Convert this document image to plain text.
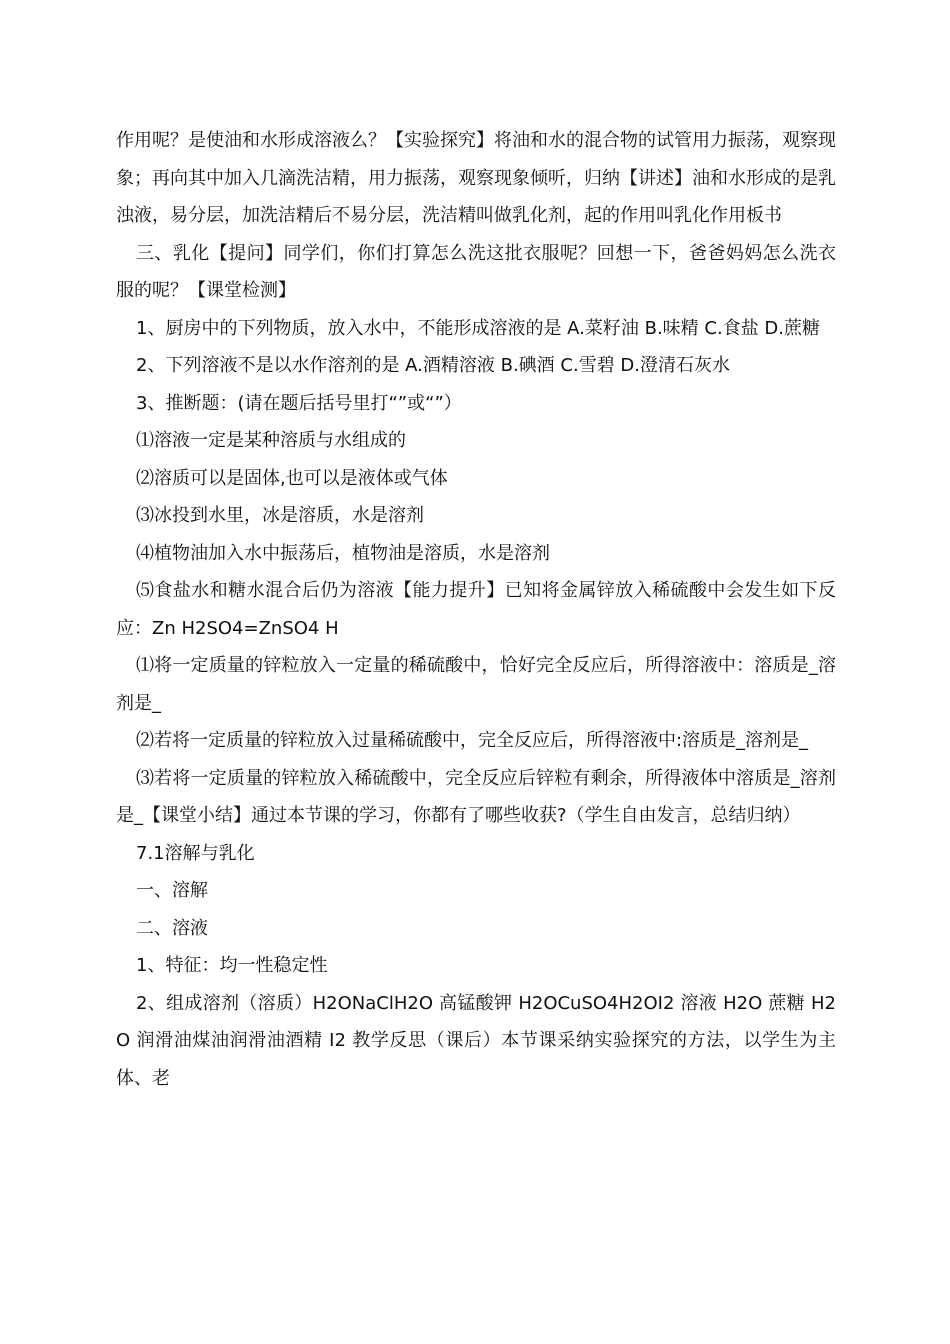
作用呢？是使油和水形成溶液么？【实验探究】将油和水的混合物的试管用力振荡，观察现象；再向其中加入几滴洗洁精，用力振荡，观察现象倾听，归纳【讲述】油和水形成的是乳浊液，易分层，加洗洁精后不易分层，洗洁精叫做乳化剂，起的作用叫乳化作用板书

三、乳化【提问】同学们，你们打算怎么洗这批衣服呢？回想一下，爸爸妈妈怎么洗衣服的呢？【课堂检测】

1、厨房中的下列物质，放入水中，不能形成溶液的是 A.菜籽油 B.味精 C.食盐 D.蔗糖

2、下列溶液不是以水作溶剂的是 A.酒精溶液 B.碘酒 C.雪碧 D.澄清石灰水

3、推断题：(请在题后括号里打“”或“”）

⑴溶液一定是某种溶质与水组成的

⑵溶质可以是固体,也可以是液体或气体

⑶冰投到水里，冰是溶质，水是溶剂

⑷植物油加入水中振荡后，植物油是溶质，水是溶剂

⑸食盐水和糖水混合后仍为溶液【能力提升】已知将金属锌放入稀硫酸中会发生如下反应：Zn H2SO4=ZnSO4 H

⑴将一定质量的锌粒放入一定量的稀硫酸中，恰好完全反应后，所得溶液中：溶质是_溶剂是_

⑵若将一定质量的锌粒放入过量稀硫酸中，完全反应后，所得溶液中:溶质是_溶剂是_

⑶若将一定质量的锌粒放入稀硫酸中，完全反应后锌粒有剩余，所得液体中溶质是_溶剂是_【课堂小结】通过本节课的学习，你都有了哪些收获?（学生自由发言，总结归纳）

7.1溶解与乳化

一、溶解

二、溶液

1、特征：均一性稳定性

2、组成溶剂（溶质）H2ONaClH2O 高锰酸钾 H2OCuSO4H2OI2 溶液 H2O 蔗糖 H2O 润滑油煤油润滑油酒精 I2 教学反思（课后）本节课采纳实验探究的方法，以学生为主体、老
